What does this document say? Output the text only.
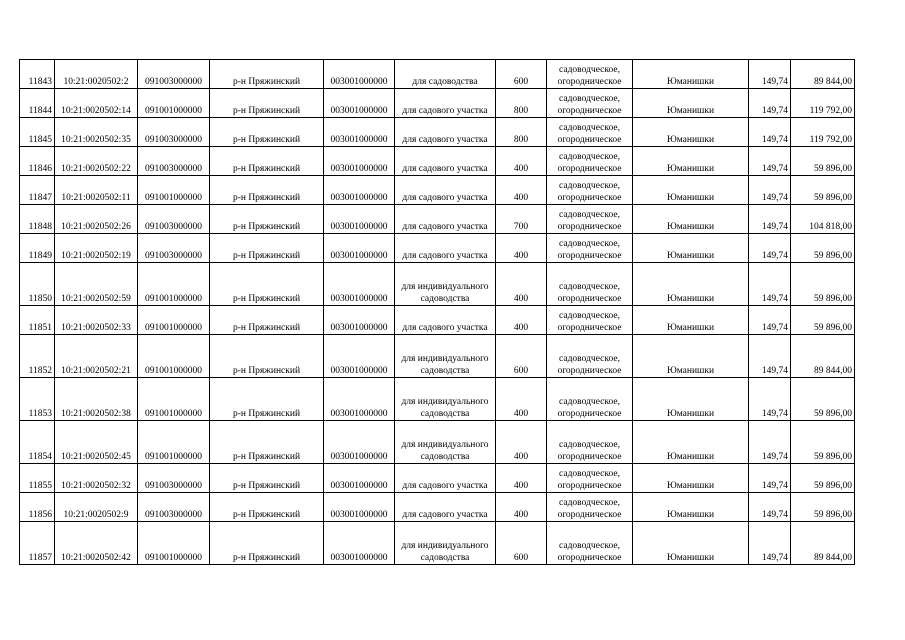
11843	10:21:0020502:2	091003000000	р-н Пряжинский	003001000000	для садоводства	600	садоводческое, огородническое	Юманишки	149,74	89 844,00
11844	10:21:0020502:14	091001000000	р-н Пряжинский	003001000000	для садового участка	800	садоводческое, огородническое	Юманишки	149,74	119 792,00
11845	10:21:0020502:35	091003000000	р-н Пряжинский	003001000000	для садового участка	800	садоводческое, огородническое	Юманишки	149,74	119 792,00
11846	10:21:0020502:22	091003000000	р-н Пряжинский	003001000000	для садового участка	400	садоводческое, огородническое	Юманишки	149,74	59 896,00
11847	10:21:0020502:11	091001000000	р-н Пряжинский	003001000000	для садового участка	400	садоводческое, огородническое	Юманишки	149,74	59 896,00
11848	10:21:0020502:26	091003000000	р-н Пряжинский	003001000000	для садового участка	700	садоводческое, огородническое	Юманишки	149,74	104 818,00
11849	10:21:0020502:19	091003000000	р-н Пряжинский	003001000000	для садового участка	400	садоводческое, огородническое	Юманишки	149,74	59 896,00
11850	10:21:0020502:59	091001000000	р-н Пряжинский	003001000000	для индивидуального садоводства	400	садоводческое, огородническое	Юманишки	149,74	59 896,00
11851	10:21:0020502:33	091001000000	р-н Пряжинский	003001000000	для садового участка	400	садоводческое, огородническое	Юманишки	149,74	59 896,00
11852	10:21:0020502:21	091001000000	р-н Пряжинский	003001000000	для индивидуального садоводства	600	садоводческое, огородническое	Юманишки	149,74	89 844,00
11853	10:21:0020502:38	091001000000	р-н Пряжинский	003001000000	для индивидуального садоводства	400	садоводческое, огородническое	Юманишки	149,74	59 896,00
11854	10:21:0020502:45	091001000000	р-н Пряжинский	003001000000	для индивидуального садоводства	400	садоводческое, огородническое	Юманишки	149,74	59 896,00
11855	10:21:0020502:32	091003000000	р-н Пряжинский	003001000000	для садового участка	400	садоводческое, огородническое	Юманишки	149,74	59 896,00
11856	10:21:0020502:9	091003000000	р-н Пряжинский	003001000000	для садового участка	400	садоводческое, огородническое	Юманишки	149,74	59 896,00
11857	10:21:0020502:42	091001000000	р-н Пряжинский	003001000000	для индивидуального садоводства	600	садоводческое, огородническое	Юманишки	149,74	89 844,00
